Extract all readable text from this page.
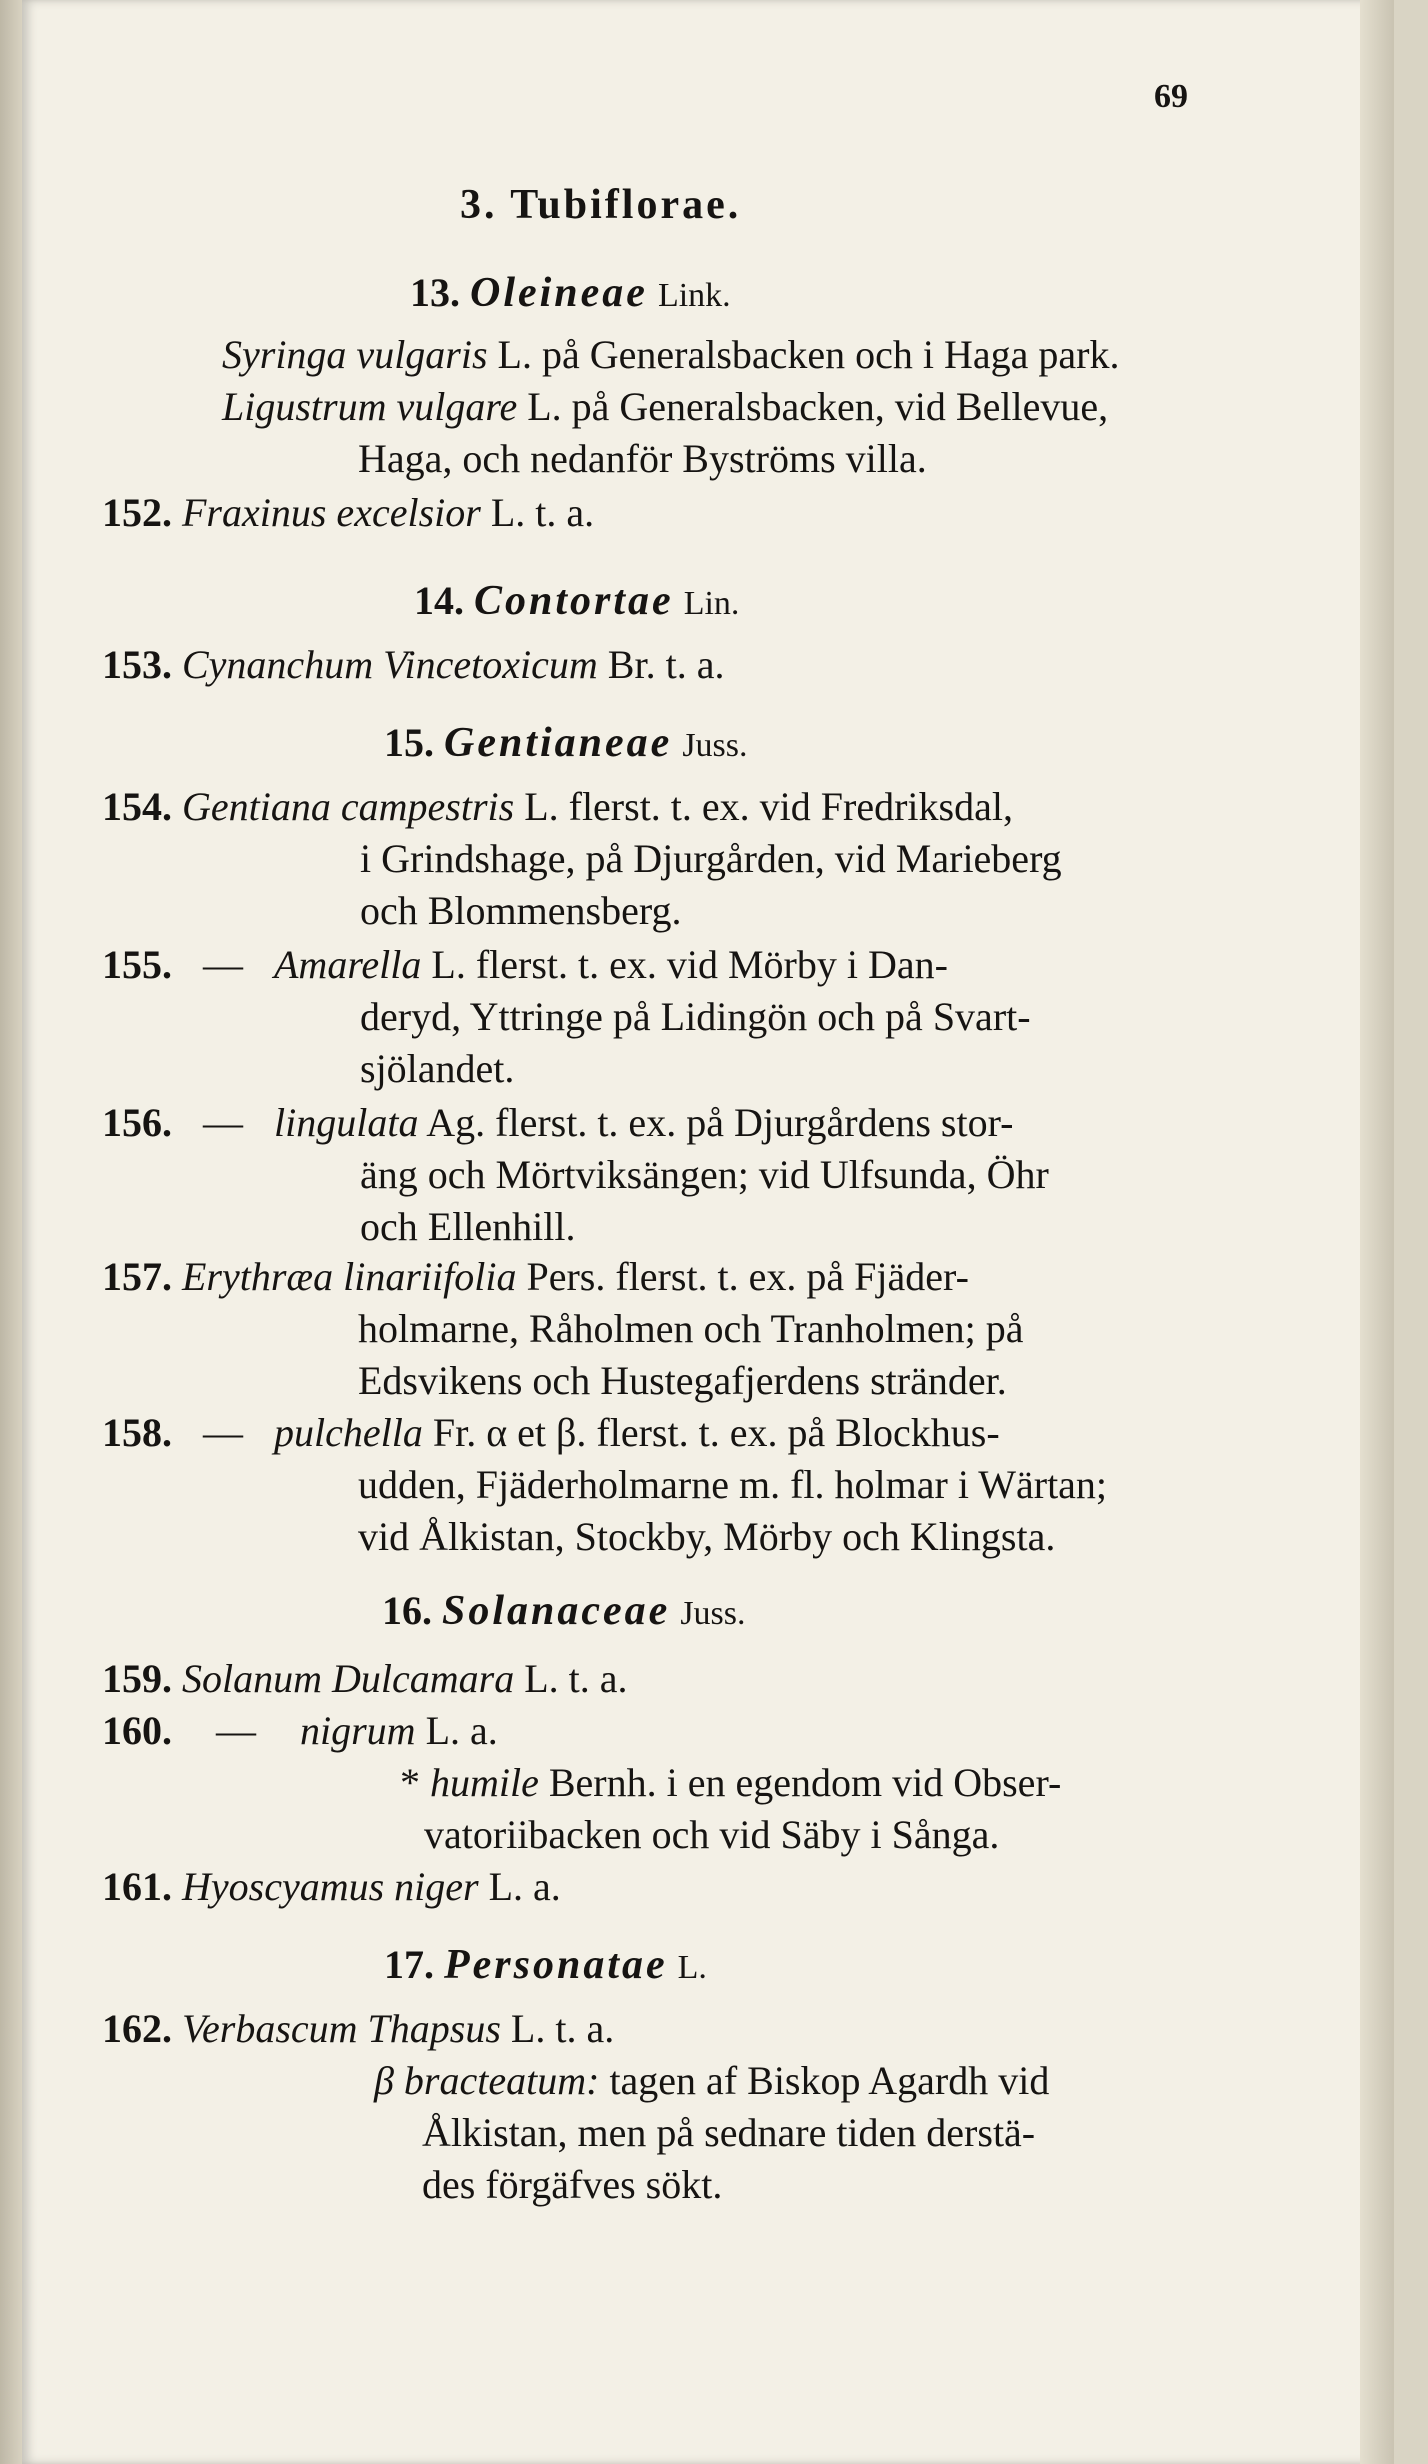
69
3. Tubiflorae.
13. Oleineae Link.
Syringa vulgaris L. på Generalsbacken och i Haga park.
Ligustrum vulgare L. på Generalsbacken, vid Bellevue,
Haga, och nedanför Byströms villa.
152. Fraxinus excelsior L. t. a.
14. Contortae Lin.
153. Cynanchum Vincetoxicum Br. t. a.
15. Gentianeae Juss.
154. Gentiana campestris L. flerst. t. ex. vid Fredriksdal,
i Grindshage, på Djurgården, vid Marieberg
och Blommensberg.
155. — Amarella L. flerst. t. ex. vid Mörby i Dan-
deryd, Yttringe på Lidingön och på Svart-
sjölandet.
156. — lingulata Ag. flerst. t. ex. på Djurgårdens stor-
äng och Mörtviksängen; vid Ulfsunda, Öhr
och Ellenhill.
157. Erythræa linariifolia Pers. flerst. t. ex. på Fjäder-
holmarne, Råholmen och Tranholmen; på
Edsvikens och Hustegafjerdens stränder.
158. — pulchella Fr. α et β. flerst. t. ex. på Blockhus-
udden, Fjäderholmarne m. fl. holmar i Wärtan;
vid Ålkistan, Stockby, Mörby och Klingsta.
16. Solanaceae Juss.
159. Solanum Dulcamara L. t. a.
160. — nigrum L. a.
* humile Bernh. i en egendom vid Obser-
vatoriibacken och vid Säby i Sånga.
161. Hyoscyamus niger L. a.
17. Personatae L.
162. Verbascum Thapsus L. t. a.
β bracteatum: tagen af Biskop Agardh vid
Ålkistan, men på sednare tiden derstä-
des förgäfves sökt.
